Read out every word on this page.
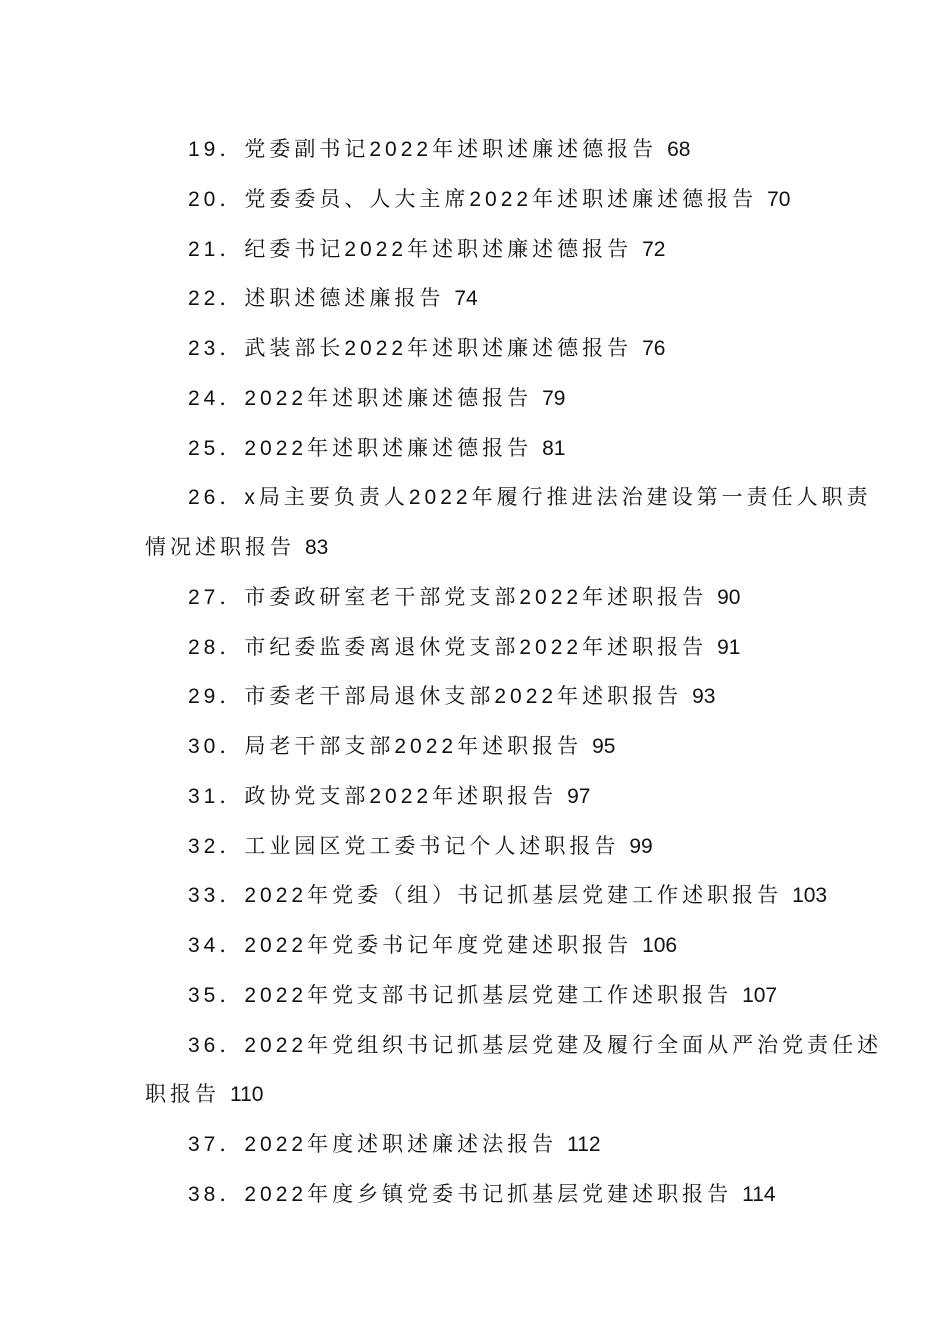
19．党委副书记2022年述职述廉述德报告 68
20．党委委员、人大主席2022年述职述廉述德报告 70
21．纪委书记2022年述职述廉述德报告 72
22．述职述德述廉报告 74
23．武装部长2022年述职述廉述德报告 76
24．2022年述职述廉述德报告 79
25．2022年述职述廉述德报告 81
26．x局主要负责人2022年履行推进法治建设第一责任人职责
情况述职报告 83
27．市委政研室老干部党支部2022年述职报告 90
28．市纪委监委离退休党支部2022年述职报告 91
29．市委老干部局退休支部2022年述职报告 93
30．局老干部支部2022年述职报告 95
31．政协党支部2022年述职报告 97
32．工业园区党工委书记个人述职报告 99
33．2022年党委（组）书记抓基层党建工作述职报告 103
34．2022年党委书记年度党建述职报告 106
35．2022年党支部书记抓基层党建工作述职报告 107
36．2022年党组织书记抓基层党建及履行全面从严治党责任述
职报告 110
37．2022年度述职述廉述法报告 112
38．2022年度乡镇党委书记抓基层党建述职报告 114
